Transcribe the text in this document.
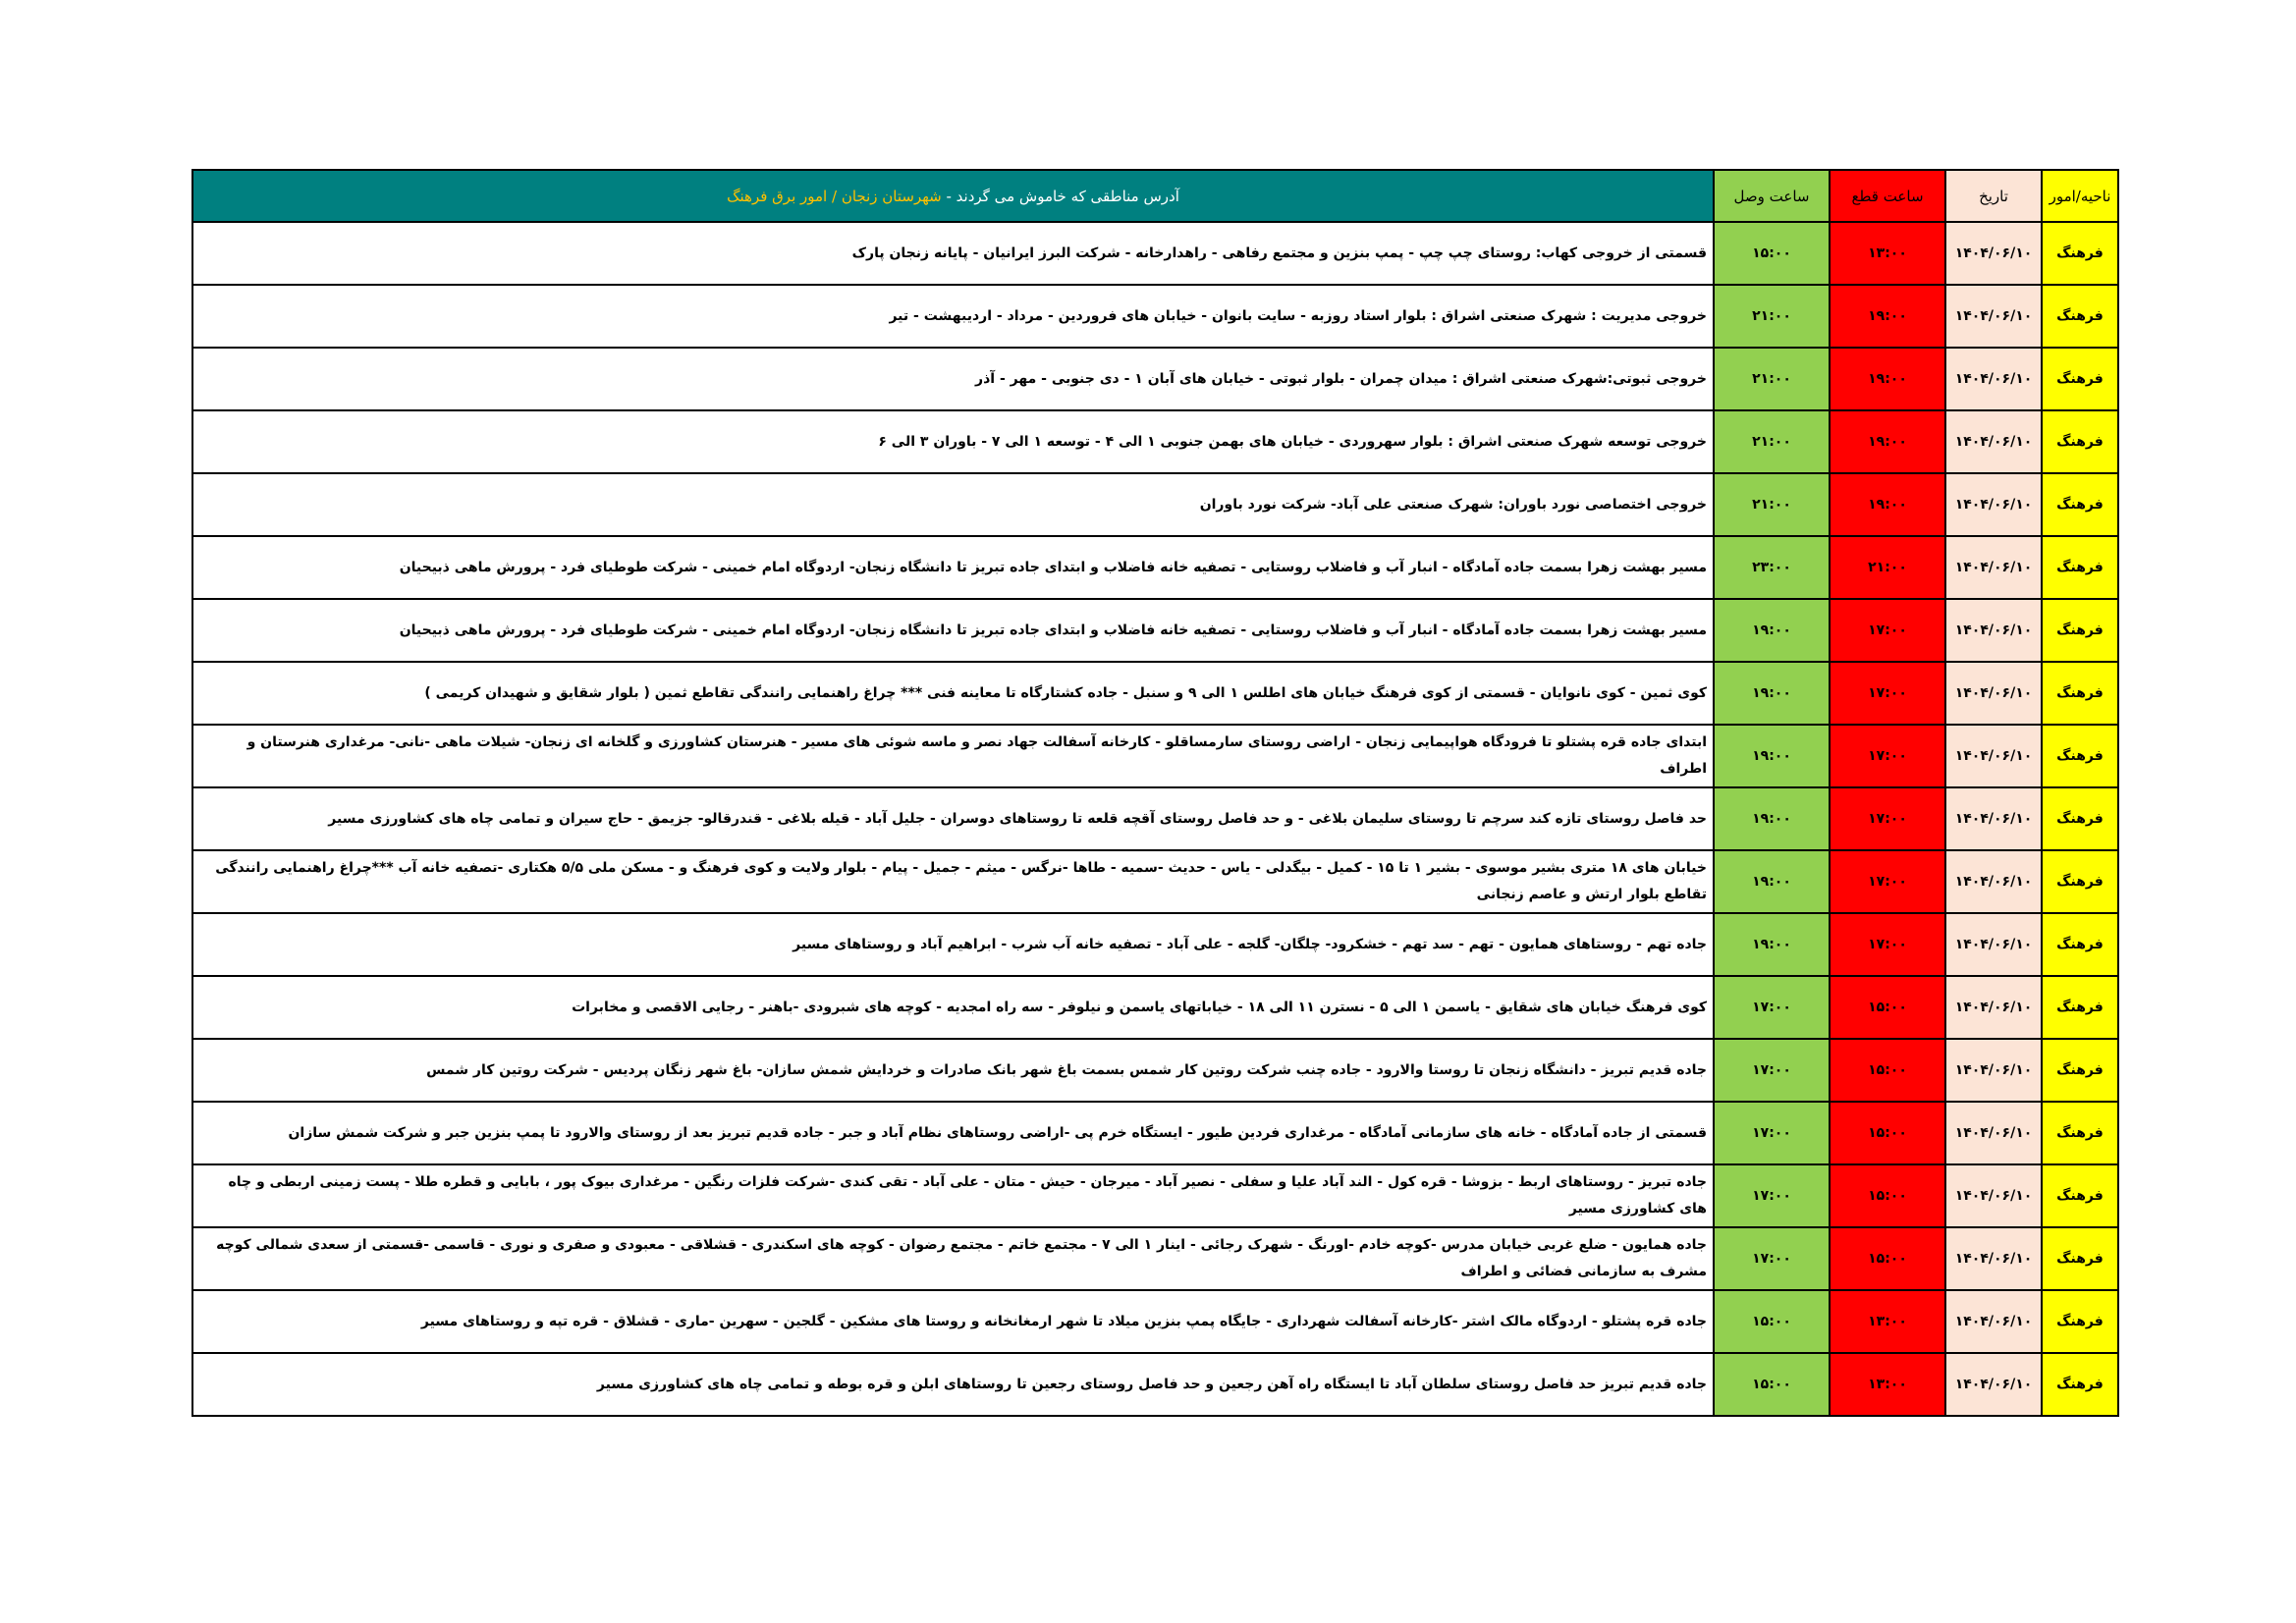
ناحیه/امور	تاریخ	ساعت قطع	ساعت وصل	آدرس مناطقی که خاموش می گردند - شهرستان زنجان / امور برق فرهنگ
فرهنگ	۱۴۰۴/۰۶/۱۰	۱۳:۰۰	۱۵:۰۰	قسمتی از خروجی کهاب: روستای چپ چپ - پمپ بنزین و مجتمع رفاهی - راهدارخانه - شرکت البرز ایرانیان - پایانه زنجان پارک
فرهنگ	۱۴۰۴/۰۶/۱۰	۱۹:۰۰	۲۱:۰۰	خروجی مدیریت : شهرک صنعتی اشراق : بلوار استاد روزبه - سایت بانوان - خیابان های فروردین - مرداد - اردیبهشت - تیر
فرهنگ	۱۴۰۴/۰۶/۱۰	۱۹:۰۰	۲۱:۰۰	خروجی ثبوتی:شهرک صنعتی اشراق : میدان چمران - بلوار ثبوتی - خیابان های آبان ۱ - دی جنوبی - مهر - آذر
فرهنگ	۱۴۰۴/۰۶/۱۰	۱۹:۰۰	۲۱:۰۰	خروجی توسعه شهرک صنعتی اشراق : بلوار سهروردی - خیابان های بهمن جنوبی ۱ الی ۴ - توسعه ۱ الی ۷ - باوران ۳ الی ۶
فرهنگ	۱۴۰۴/۰۶/۱۰	۱۹:۰۰	۲۱:۰۰	خروجی اختصاصی نورد باوران: شهرک صنعتی علی آباد- شرکت نورد باوران
فرهنگ	۱۴۰۴/۰۶/۱۰	۲۱:۰۰	۲۳:۰۰	مسیر بهشت زهرا بسمت جاده آمادگاه - انبار آب و فاضلاب روستایی - تصفیه خانه فاضلاب و ابتدای جاده تبریز تا دانشگاه زنجان- اردوگاه امام خمینی - شرکت طوطیای فرد - پرورش ماهی ذبیحیان
فرهنگ	۱۴۰۴/۰۶/۱۰	۱۷:۰۰	۱۹:۰۰	مسیر بهشت زهرا بسمت جاده آمادگاه - انبار آب و فاضلاب روستایی - تصفیه خانه فاضلاب و ابتدای جاده تبریز تا دانشگاه زنجان- اردوگاه امام خمینی - شرکت طوطیای فرد - پرورش ماهی ذبیحیان
فرهنگ	۱۴۰۴/۰۶/۱۰	۱۷:۰۰	۱۹:۰۰	کوی ثمین - کوی نانوایان - قسمتی از کوی فرهنگ خیابان های اطلس ۱ الی ۹ و سنبل - جاده کشتارگاه تا معاینه فنی *** چراغ راهنمایی رانندگی تقاطع ثمین ( بلوار شقایق و شهیدان کریمی )
فرهنگ	۱۴۰۴/۰۶/۱۰	۱۷:۰۰	۱۹:۰۰	ابتدای جاده قره پشتلو تا فرودگاه هواپیمایی زنجان - اراضی روستای سارمساقلو - کارخانه آسفالت جهاد نصر و ماسه شوئی های مسیر - هنرستان کشاورزی و گلخانه ای زنجان- شیلات ماهی -نانی- مرغداری هنرستان و اطراف
فرهنگ	۱۴۰۴/۰۶/۱۰	۱۷:۰۰	۱۹:۰۰	حد فاصل روستای تازه کند سرچم تا روستای سلیمان بلاغی - و حد فاصل روستای آقچه قلعه تا روستاهای دوسران - جلیل آباد - قیله بلاغی - قندرقالو- جزیمق - حاج سیران و تمامی چاه های کشاورزی مسیر
فرهنگ	۱۴۰۴/۰۶/۱۰	۱۷:۰۰	۱۹:۰۰	خیابان های ۱۸ متری بشیر موسوی - بشیر ۱ تا ۱۵ - کمیل - بیگدلی - یاس - حدیث -سمیه - طاها -نرگس - میثم - جمیل - پیام - بلوار ولایت و کوی فرهنگ و - مسکن ملی ۵/۵ هکتاری -تصفیه خانه آب ***چراغ راهنمایی رانندگی تقاطع بلوار ارتش و عاصم زنجانی
فرهنگ	۱۴۰۴/۰۶/۱۰	۱۷:۰۰	۱۹:۰۰	جاده تهم - روستاهای همایون - تهم - سد تهم - خشکرود- چلگان- گلجه - علی آباد - تصفیه خانه آب شرب - ابراهیم آباد و روستاهای مسیر
فرهنگ	۱۴۰۴/۰۶/۱۰	۱۵:۰۰	۱۷:۰۰	کوی فرهنگ خیابان های شقایق - یاسمن ۱ الی ۵ - نسترن ۱۱ الی ۱۸ - خیاباتهای یاسمن و نیلوفر - سه راه امجدیه - کوچه های شبرودی -باهنر - رجایی الاقصی و مخابرات
فرهنگ	۱۴۰۴/۰۶/۱۰	۱۵:۰۰	۱۷:۰۰	جاده قدیم تبریز - دانشگاه زنجان تا روستا والارود - جاده چنب شرکت روتین کار شمس بسمت باغ شهر بانک صادرات و خردایش شمش سازان- باغ شهر زنگان پردیس - شرکت روتین کار شمس
فرهنگ	۱۴۰۴/۰۶/۱۰	۱۵:۰۰	۱۷:۰۰	قسمتی از جاده آمادگاه - خانه های سازمانی آمادگاه - مرغداری فردین طیور - ایستگاه خرم پی -اراضی روستاهای نظام آباد و جبر - جاده قدیم تبریز بعد از روستای والارود تا پمپ بنزین جبر و شرکت شمش سازان
فرهنگ	۱۴۰۴/۰۶/۱۰	۱۵:۰۰	۱۷:۰۰	جاده تبریز - روستاهای اربط - بزوشا - قره کول - الند آباد علیا و سفلی - نصیر آباد - میرجان - حیش - متان - علی آباد - تقی کندی -شرکت فلزات رنگین - مرغداری بیوک پور ، بابایی و قطره طلا - پست زمینی اربطی و چاه های کشاورزی مسیر
فرهنگ	۱۴۰۴/۰۶/۱۰	۱۵:۰۰	۱۷:۰۰	جاده همایون - ضلع غربی خیابان مدرس -کوچه خادم -اورنگ - شهرک رجائی - اینار ۱ الی ۷ - مجتمع خاتم - مجتمع رضوان - کوچه های اسکندری - قشلاقی - معبودی و صفری و نوری - قاسمی -قسمتی از سعدی شمالی کوچه مشرف به سازمانی فضائی و اطراف
فرهنگ	۱۴۰۴/۰۶/۱۰	۱۳:۰۰	۱۵:۰۰	جاده قره پشتلو - اردوگاه مالک اشتر -کارخانه آسفالت شهرداری - جایگاه پمپ بنزین میلاد تا شهر ارمغانخانه و روستا های مشکین - گلجین - سهرین -ماری - قشلاق - قره تپه و روستاهای مسیر
فرهنگ	۱۴۰۴/۰۶/۱۰	۱۳:۰۰	۱۵:۰۰	جاده قدیم تبریز حد فاصل روستای سلطان آباد تا ایستگاه راه آهن رجعین و حد فاصل روستای رجعین تا روستاهای ابلن و قره بوطه و تمامی چاه های کشاورزی مسیر
